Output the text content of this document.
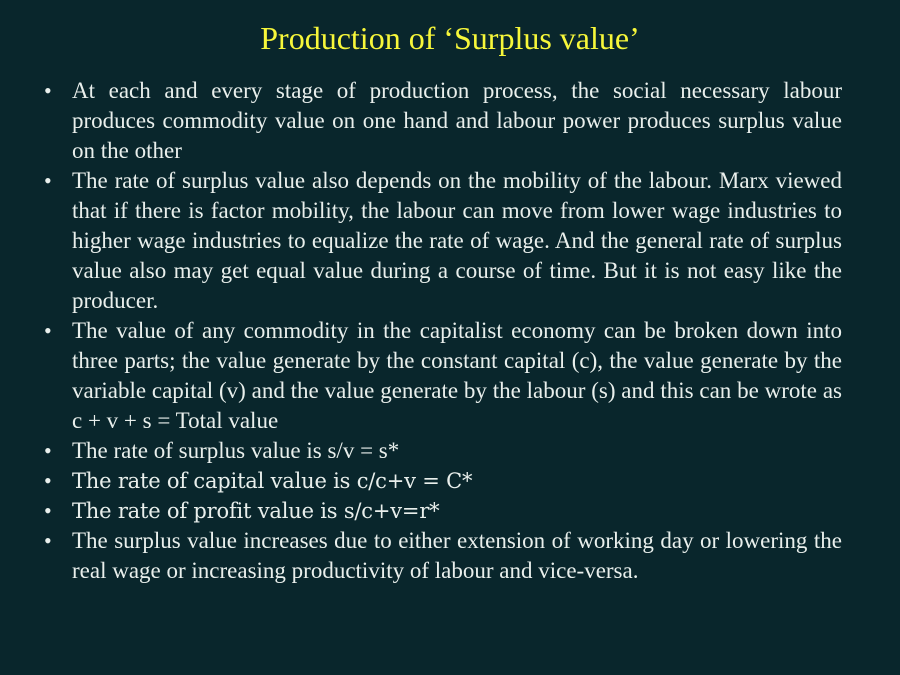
Production of ‘Surplus value’
• At each and every stage of production process, the social necessary labour produces commodity value on one hand and labour power produces surplus value on the other
• The rate of surplus value also depends on the mobility of the labour. Marx viewed that if there is factor mobility, the labour can move from lower wage industries to higher wage industries to equalize the rate of wage. And the general rate of surplus value also may get equal value during a course of time. But it is not easy like the producer.
• The value of any commodity in the capitalist economy can be broken down into three parts; the value generate by the constant capital (c), the value generate by the variable capital (v) and the value generate by the labour (s) and this can be wrote as c + v + s = Total value
• The rate of surplus value is s/v = s*
• The rate of capital value is c/c+v = C*
• The rate of profit value is s/c+v=r*
• The surplus value increases due to either extension of working day or lowering the real wage or increasing productivity of labour and vice-versa.
